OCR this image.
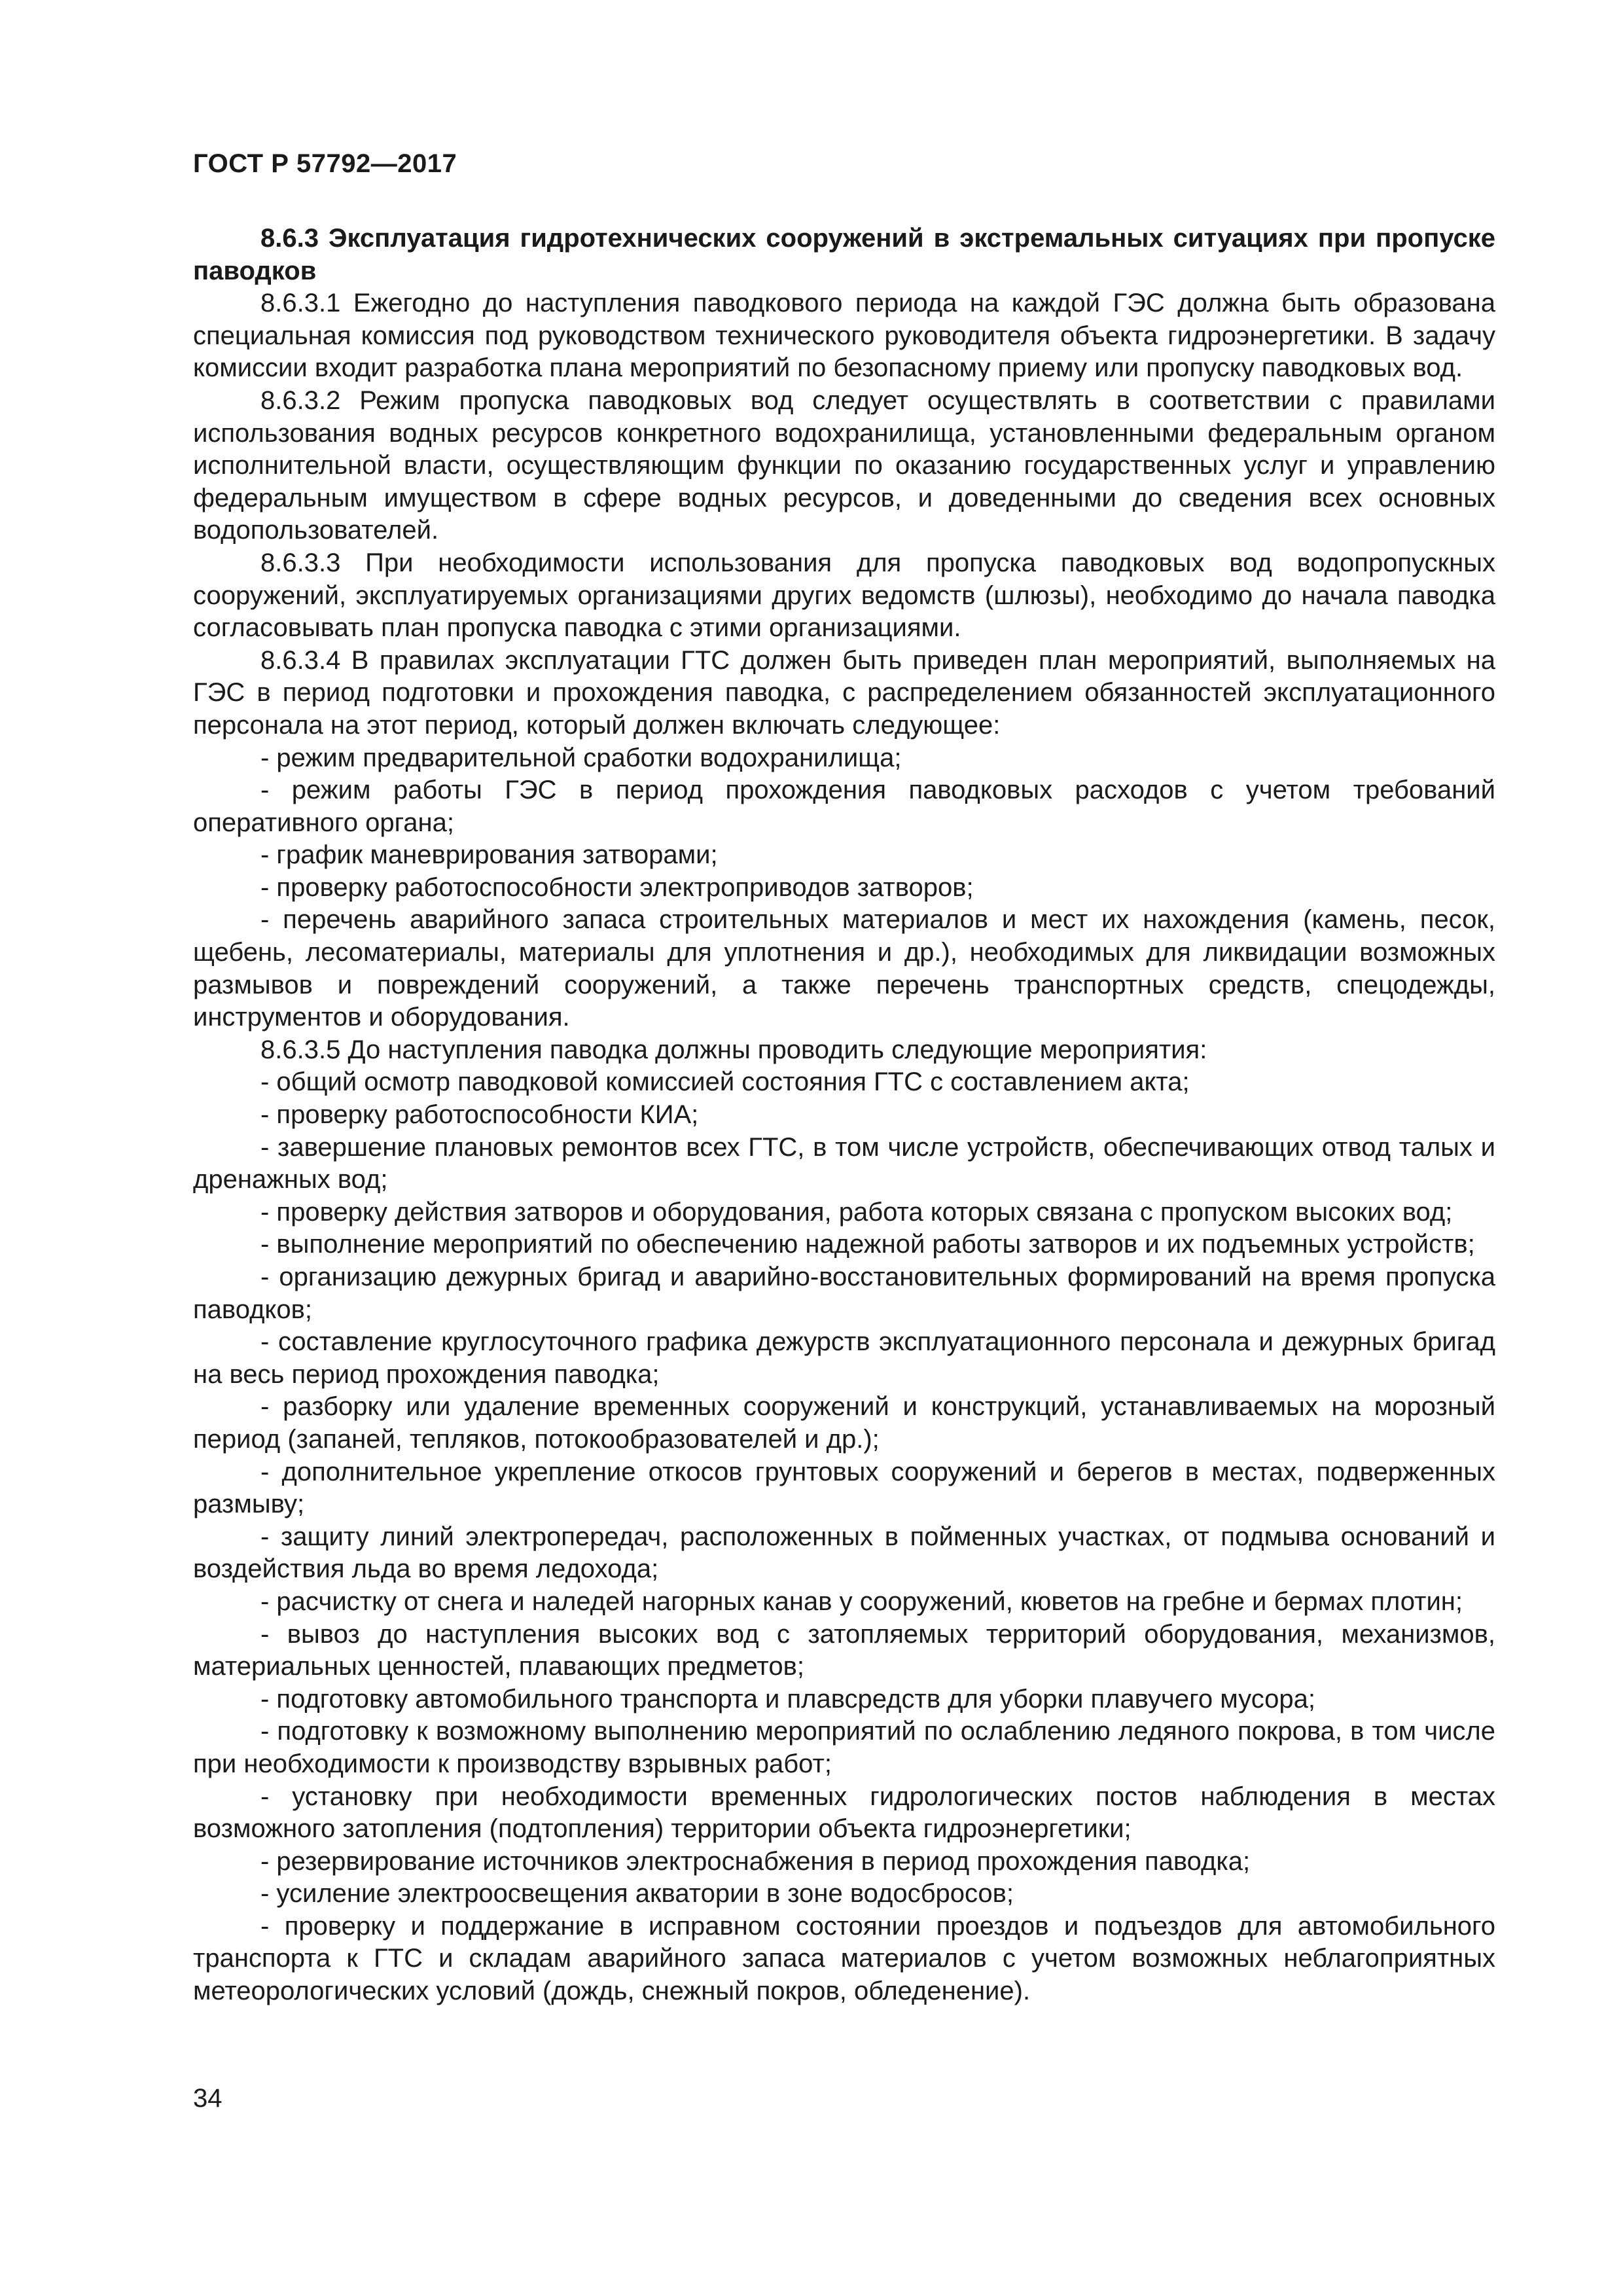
ГОСТ Р 57792—2017

8.6.3 Эксплуатация гидротехнических сооружений в экстремальных ситуациях при пропуске паводков

8.6.3.1 Ежегодно до наступления паводкового периода на каждой ГЭС должна быть образована специальная комиссия под руководством технического руководителя объекта гидроэнергетики. В задачу комиссии входит разработка плана мероприятий по безопасному приему или пропуску паводковых вод.

8.6.3.2 Режим пропуска паводковых вод следует осуществлять в соответствии с правилами использования водных ресурсов конкретного водохранилища, установленными федеральным органом исполнительной власти, осуществляющим функции по оказанию государственных услуг и управлению федеральным имуществом в сфере водных ресурсов, и доведенными до сведения всех основных водопользователей.

8.6.3.3 При необходимости использования для пропуска паводковых вод водопропускных сооружений, эксплуатируемых организациями других ведомств (шлюзы), необходимо до начала паводка согласовывать план пропуска паводка с этими организациями.

8.6.3.4 В правилах эксплуатации ГТС должен быть приведен план мероприятий, выполняемых на ГЭС в период подготовки и прохождения паводка, с распределением обязанностей эксплуатационного персонала на этот период, который должен включать следующее:

- режим предварительной сработки водохранилища;

- режим работы ГЭС в период прохождения паводковых расходов с учетом требований оперативного органа;

- график маневрирования затворами;

- проверку работоспособности электроприводов затворов;

- перечень аварийного запаса строительных материалов и мест их нахождения (камень, песок, щебень, лесоматериалы, материалы для уплотнения и др.), необходимых для ликвидации возможных размывов и повреждений сооружений, а также перечень транспортных средств, спецодежды, инструментов и оборудования.

8.6.3.5 До наступления паводка должны проводить следующие мероприятия:

- общий осмотр паводковой комиссией состояния ГТС с составлением акта;

- проверку работоспособности КИА;

- завершение плановых ремонтов всех ГТС, в том числе устройств, обеспечивающих отвод талых и дренажных вод;

- проверку действия затворов и оборудования, работа которых связана с пропуском высоких вод;

- выполнение мероприятий по обеспечению надежной работы затворов и их подъемных устройств;

- организацию дежурных бригад и аварийно-восстановительных формирований на время пропуска паводков;

- составление круглосуточного графика дежурств эксплуатационного персонала и дежурных бригад на весь период прохождения паводка;

- разборку или удаление временных сооружений и конструкций, устанавливаемых на морозный период (запаней, тепляков, потокообразователей и др.);

- дополнительное укрепление откосов грунтовых сооружений и берегов в местах, подверженных размыву;

- защиту линий электропередач, расположенных в пойменных участках, от подмыва оснований и воздействия льда во время ледохода;

- расчистку от снега и наледей нагорных канав у сооружений, кюветов на гребне и бермах плотин;

- вывоз до наступления высоких вод с затопляемых территорий оборудования, механизмов, материальных ценностей, плавающих предметов;

- подготовку автомобильного транспорта и плавсредств для уборки плавучего мусора;

- подготовку к возможному выполнению мероприятий по ослаблению ледяного покрова, в том числе при необходимости к производству взрывных работ;

- установку при необходимости временных гидрологических постов наблюдения в местах возможного затопления (подтопления) территории объекта гидроэнергетики;

- резервирование источников электроснабжения в период прохождения паводка;

- усиление электроосвещения акватории в зоне водосбросов;

- проверку и поддержание в исправном состоянии проездов и подъездов для автомобильного транспорта к ГТС и складам аварийного запаса материалов с учетом возможных неблагоприятных метеорологических условий (дождь, снежный покров, обледенение).

34
